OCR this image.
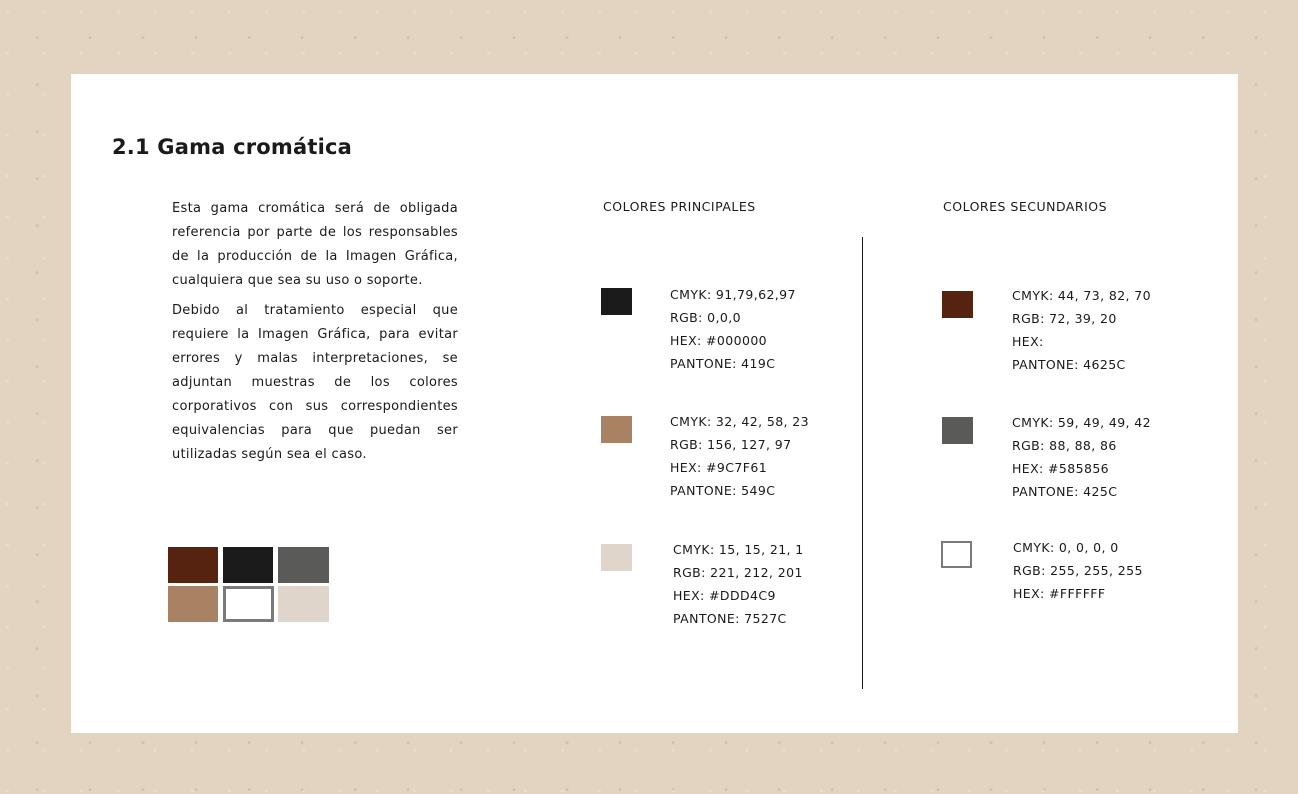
2.1 Gama cromática

Esta gama cromática será de obligada referencia por parte de los responsables de la producción de la Imagen Gráfica, cualquiera que sea su uso o soporte.

Debido al tratamiento especial que requiere la Imagen Gráfica, para evitar errores y malas interpretaciones, se adjuntan muestras de los colores corporativos con sus correspondientes equivalencias para que puedan ser utilizadas según sea el caso.

COLORES PRINCIPALES	COLORES SECUNDARIOS
CMYK: 91,79,62,97
RGB: 0,0,0
HEX: #000000
PANTONE: 419C
CMYK: 32, 42, 58, 23
RGB: 156, 127, 97
HEX: #9C7F61
PANTONE: 549C
CMYK: 15, 15, 21, 1
RGB: 221, 212, 201
HEX: #DDD4C9
PANTONE: 7527C
CMYK: 44, 73, 82, 70
RGB: 72, 39, 20
HEX:
PANTONE: 4625C
CMYK: 59, 49, 49, 42
RGB: 88, 88, 86
HEX: #585856
PANTONE: 425C
CMYK: 0, 0, 0, 0
RGB: 255, 255, 255
HEX: #FFFFFF
